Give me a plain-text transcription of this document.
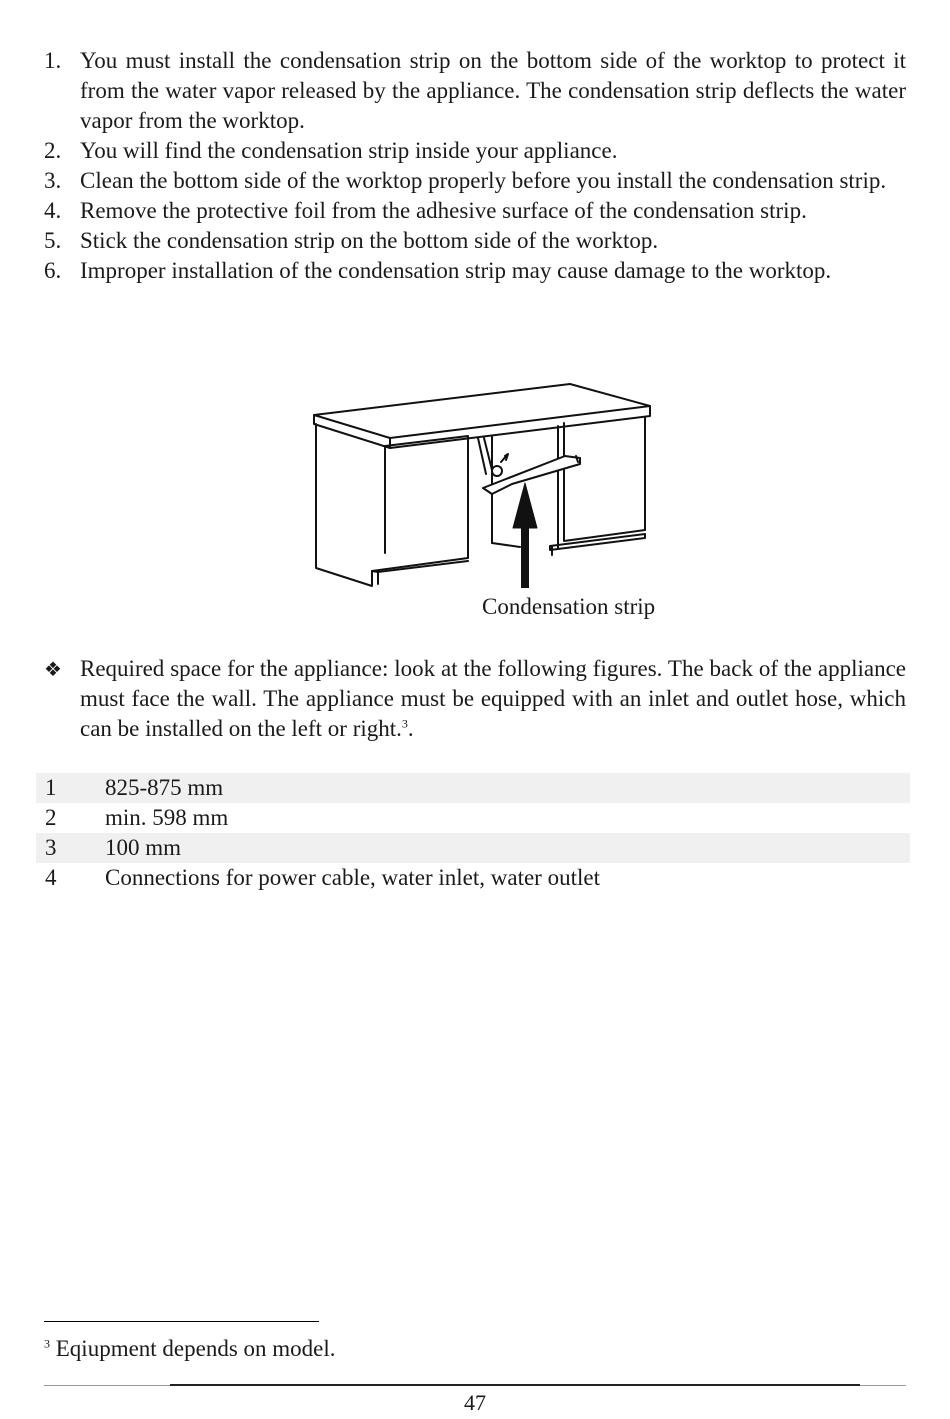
1. You must install the condensation strip on the bottom side of the worktop to protect it from the water vapor released by the appliance. The condensation strip deflects the water vapor from the worktop.
2. You will find the condensation strip inside your appliance.
3. Clean the bottom side of the worktop properly before you install the condensation strip.
4. Remove the protective foil from the adhesive surface of the condensation strip.
5. Stick the condensation strip on the bottom side of the worktop.
6. Improper installation of the condensation strip may cause damage to the worktop.
Condensation strip
❖ Required space for the appliance: look at the following figures. The back of the appliance must face the wall. The appliance must be equipped with an inlet and outlet hose, which can be installed on the left or right.$^3$.
1	825-875 mm
2	min. 598 mm
3	100 mm
4	Connections for power cable, water inlet, water outlet
$^3$ Eqiupment depends on model.
47
